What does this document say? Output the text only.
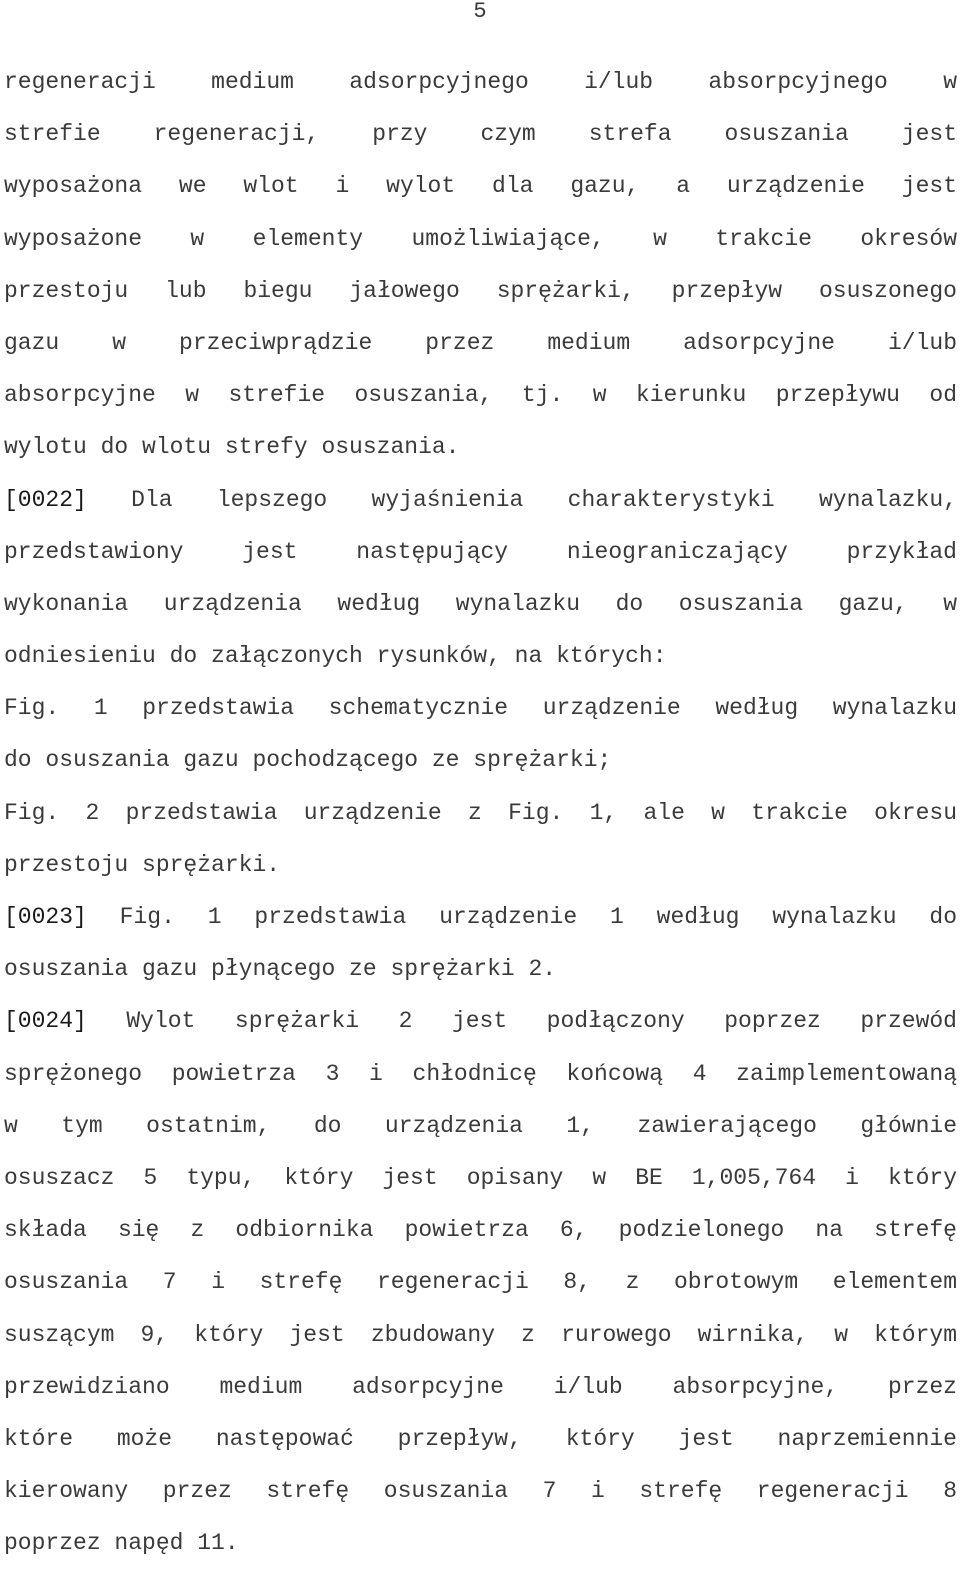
5
regeneracji medium adsorpcyjnego i/lub absorpcyjnego w
strefie regeneracji, przy czym strefa osuszania jest
wyposażona we wlot i wylot dla gazu, a urządzenie jest
wyposażone w elementy umożliwiające, w trakcie okresów
przestoju lub biegu jałowego sprężarki, przepływ osuszonego
gazu w przeciwprądzie przez medium adsorpcyjne i/lub
absorpcyjne w strefie osuszania, tj. w kierunku przepływu od
wylotu do wlotu strefy osuszania.
[0022] Dla lepszego wyjaśnienia charakterystyki wynalazku,
przedstawiony jest następujący nieograniczający przykład
wykonania urządzenia według wynalazku do osuszania gazu, w
odniesieniu do załączonych rysunków, na których:
Fig. 1 przedstawia schematycznie urządzenie według wynalazku
do osuszania gazu pochodzącego ze sprężarki;
Fig. 2 przedstawia urządzenie z Fig. 1, ale w trakcie okresu
przestoju sprężarki.
[0023] Fig. 1 przedstawia urządzenie 1 według wynalazku do
osuszania gazu płynącego ze sprężarki 2.
[0024] Wylot sprężarki 2 jest podłączony poprzez przewód
sprężonego powietrza 3 i chłodnicę końcową 4 zaimplementowaną
w tym ostatnim, do urządzenia 1, zawierającego głównie
osuszacz 5 typu, który jest opisany w BE 1,005,764 i który
składa się z odbiornika powietrza 6, podzielonego na strefę
osuszania 7 i strefę regeneracji 8, z obrotowym elementem
suszącym 9, który jest zbudowany z rurowego wirnika, w którym
przewidziano medium adsorpcyjne i/lub absorpcyjne, przez
które może następować przepływ, który jest naprzemiennie
kierowany przez strefę osuszania 7 i strefę regeneracji 8
poprzez napęd 11.
